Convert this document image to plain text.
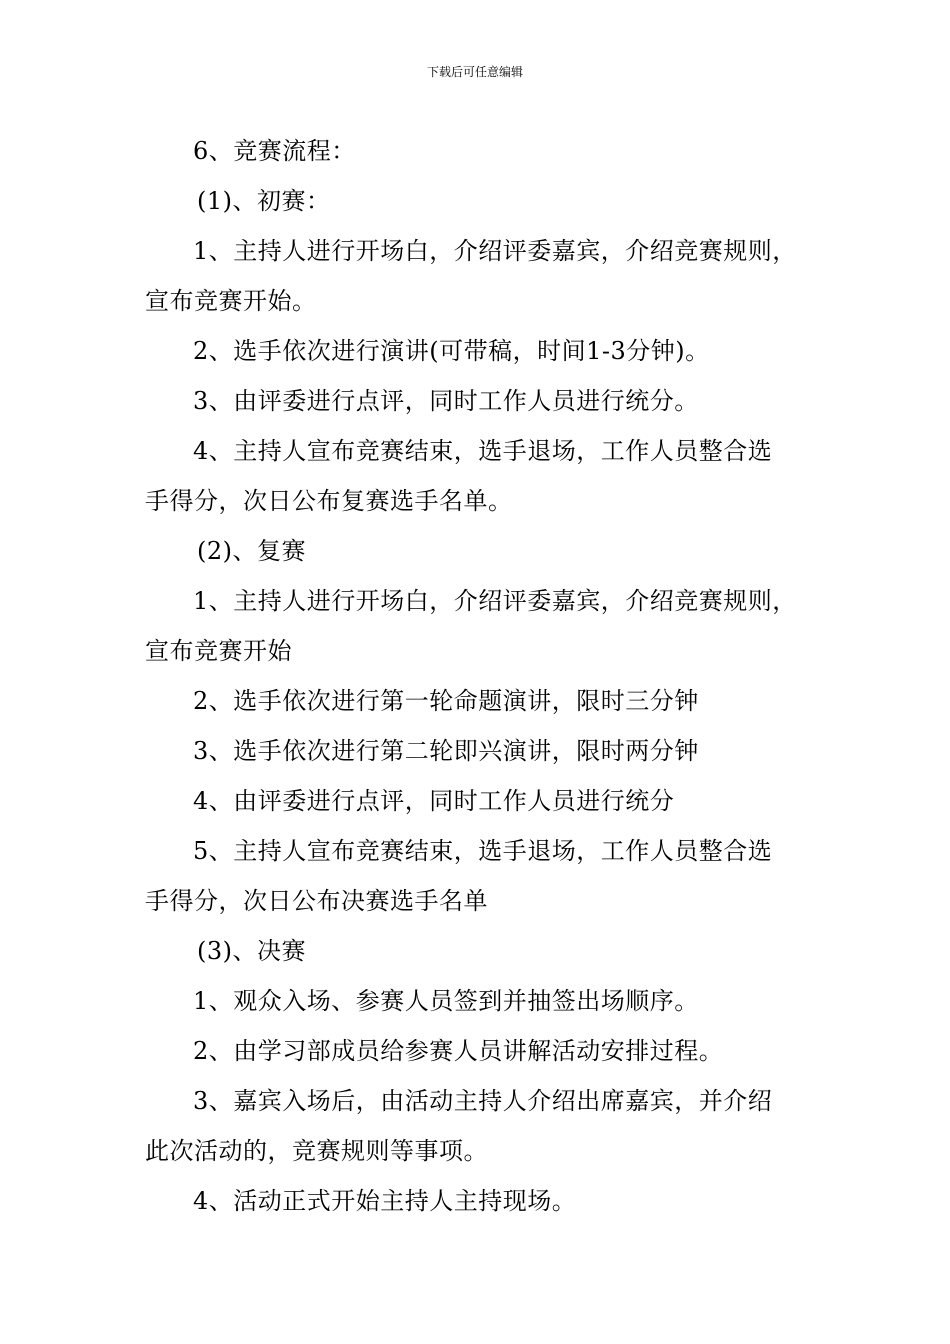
下载后可任意编辑
6、竞赛流程：
(1)、初赛：
1、主持人进行开场白，介绍评委嘉宾，介绍竞赛规则，
宣布竞赛开始。
2、选手依次进行演讲(可带稿，时间1-3分钟)。
3、由评委进行点评，同时工作人员进行统分。
4、主持人宣布竞赛结束，选手退场，工作人员整合选
手得分，次日公布复赛选手名单。
(2)、复赛
1、主持人进行开场白，介绍评委嘉宾，介绍竞赛规则，
宣布竞赛开始
2、选手依次进行第一轮命题演讲，限时三分钟
3、选手依次进行第二轮即兴演讲，限时两分钟
4、由评委进行点评，同时工作人员进行统分
5、主持人宣布竞赛结束，选手退场，工作人员整合选
手得分，次日公布决赛选手名单
(3)、决赛
1、观众入场、参赛人员签到并抽签出场顺序。
2、由学习部成员给参赛人员讲解活动安排过程。
3、嘉宾入场后，由活动主持人介绍出席嘉宾，并介绍
此次活动的，竞赛规则等事项。
4、活动正式开始主持人主持现场。
